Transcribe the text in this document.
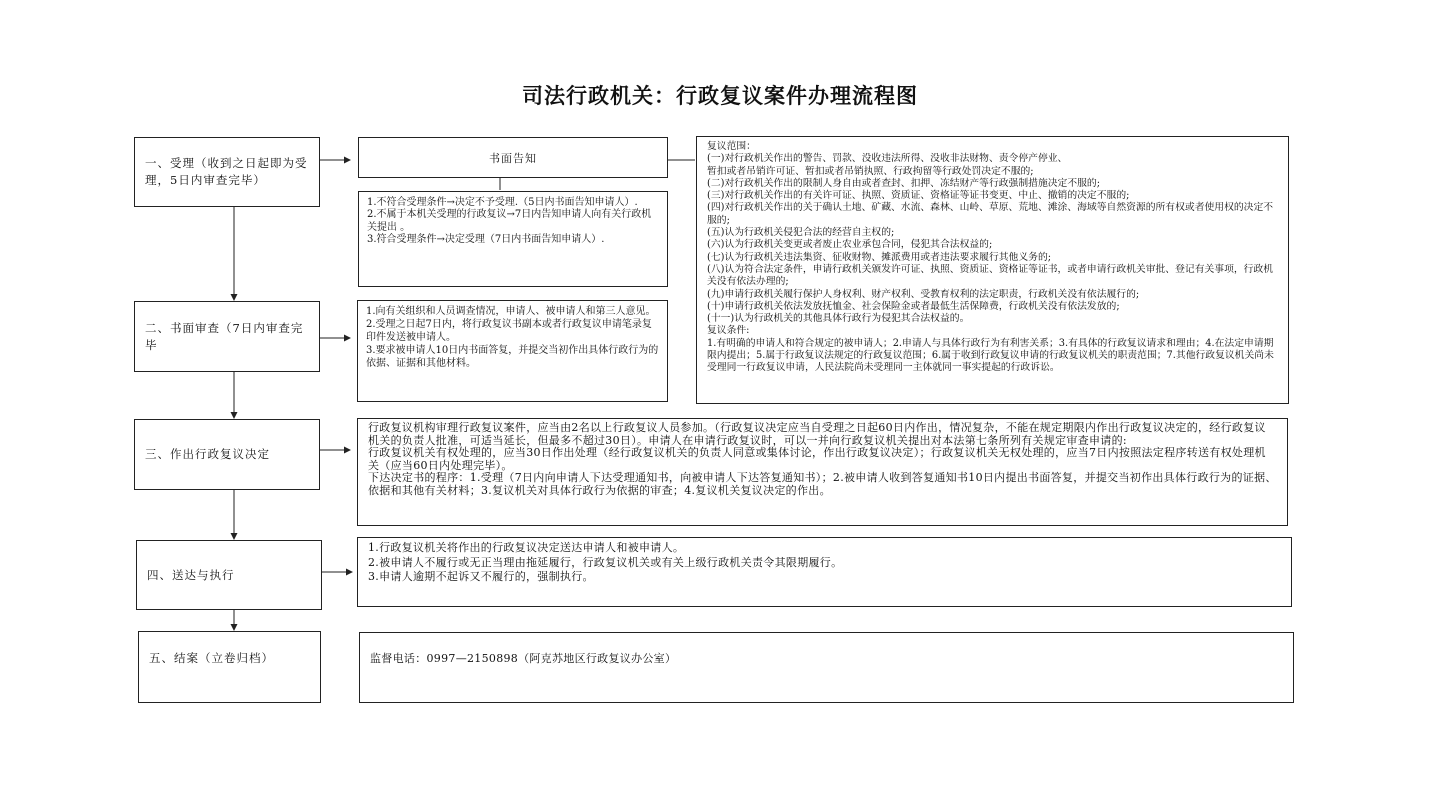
司法行政机关：行政复议案件办理流程图
一、受理（收到之日起即为受理，5日内审查完毕）
二、书面审查（7日内审查完毕
三、作出行政复议决定
四、送达与执行
五、结案（立卷归档）
书面告知

1.不符合受理条件→决定不予受理.（5日内书面告知申请人）.

2.不属于本机关受理的行政复议→7日内告知申请人向有关行政机关提出 。

3.符合受理条件→决定受理（7日内书面告知申请人）.

复议范围：

(一)对行政机关作出的警告、罚款、没收违法所得、没收非法财物、责令停产停业、

暂扣或者吊销许可证、暂扣或者吊销执照、行政拘留等行政处罚决定不服的;

(二)对行政机关作出的限制人身自由或者查封、扣押、冻结财产等行政强制措施决定不服的;

(三)对行政机关作出的有关许可证、执照、资质证、资格证等证书变更、中止、撤销的决定不服的;

(四)对行政机关作出的关于确认土地、矿藏、水流、森林、山岭、草原、荒地、滩涂、海域等自然资源的所有权或者使用权的决定不服的;

(五)认为行政机关侵犯合法的经营自主权的;

(六)认为行政机关变更或者废止农业承包合同，侵犯其合法权益的;

(七)认为行政机关违法集资、征收财物、摊派费用或者违法要求履行其他义务的;

(八)认为符合法定条件，申请行政机关颁发许可证、执照、资质证、资格证等证书，或者申请行政机关审批、登记有关事项，行政机关没有依法办理的;

(九)申请行政机关履行保护人身权利、财产权利、受教育权利的法定职责，行政机关没有依法履行的;

(十)申请行政机关依法发放抚恤金、社会保险金或者最低生活保障费，行政机关没有依法发放的;

(十一)认为行政机关的其他具体行政行为侵犯其合法权益的。

复议条件:

1.有明确的申请人和符合规定的被申请人；2.申请人与具体行政行为有利害关系；3.有具体的行政复议请求和理由；4.在法定申请期限内提出；5.属于行政复议法规定的行政复议范围；6.属于收到行政复议申请的行政复议机关的职责范围；7.其他行政复议机关尚未受理同一行政复议申请，人民法院尚未受理同一主体就同一事实提起的行政诉讼。

1.向有关组织和人员调查情况，申请人、被申请人和第三人意见。

2.受理之日起7日内，将行政复议书副本或者行政复议申请笔录复印件发送被申请人。

3.要求被申请人10日内书面答复，并提交当初作出具体行政行为的依据、证据和其他材料。

行政复议机构审理行政复议案件，应当由2名以上行政复议人员参加。（行政复议决定应当自受理之日起60日内作出，情况复杂，不能在规定期限内作出行政复议决定的，经行政复议机关的负责人批准，可适当延长，但最多不超过30日）。申请人在申请行政复议时，可以一并向行政复议机关提出对本法第七条所列有关规定审查申请的:

行政复议机关有权处理的，应当30日作出处理（经行政复议机关的负责人同意或集体讨论，作出行政复议决定）；行政复议机关无权处理的，应当7日内按照法定程序转送有权处理机关（应当60日内处理完毕）。

下达决定书的程序：1.受理（7日内向申请人下达受理通知书，向被申请人下达答复通知书）；2.被申请人收到答复通知书10日内提出书面答复，并提交当初作出具体行政行为的证据、依据和其他有关材料；3.复议机关对具体行政行为依据的审查；4.复议机关复议决定的作出。

1.行政复议机关将作出的行政复议决定送达申请人和被申请人。

2.被申请人不履行或无正当理由拖延履行，行政复议机关或有关上级行政机关责令其限期履行。

3.申请人逾期不起诉又不履行的，强制执行。

监督电话：0997—2150898（阿克苏地区行政复议办公室）
